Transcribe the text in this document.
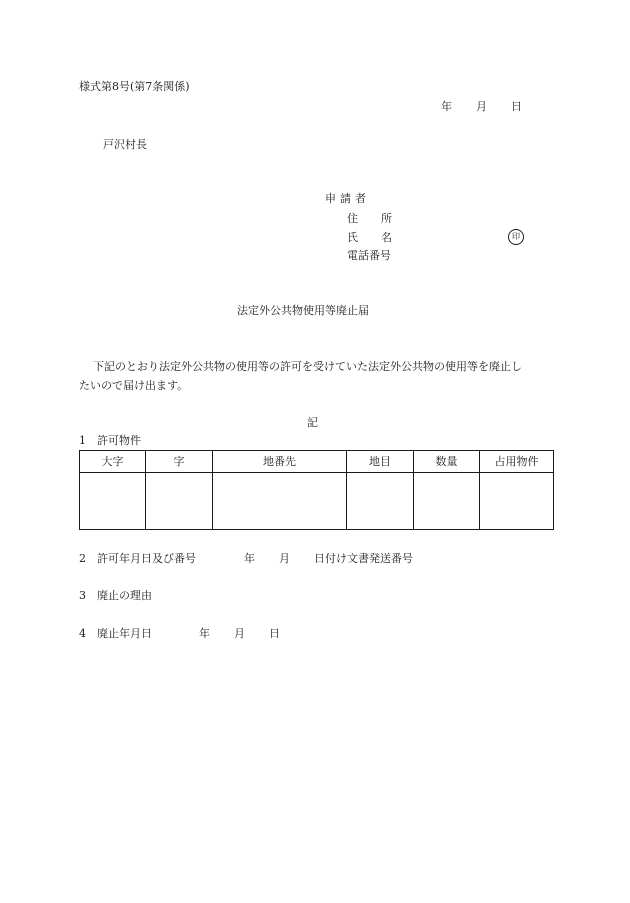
様式第8号(第7条関係)
年 月 日
戸沢村長
申請者
住 所
氏 名	印
電話番号
法定外公共物使用等廃止届
下記のとおり法定外公共物の使用等の許可を受けていた法定外公共物の使用等を廃止し
たいので届け出ます。
記
1 許可物件
大字	字	地番先	地目	数量	占用物件

2 許可年月日及び番号	年 月 日付け文書発送番号
3 廃止の理由
4 廃止年月日	年 月 日
